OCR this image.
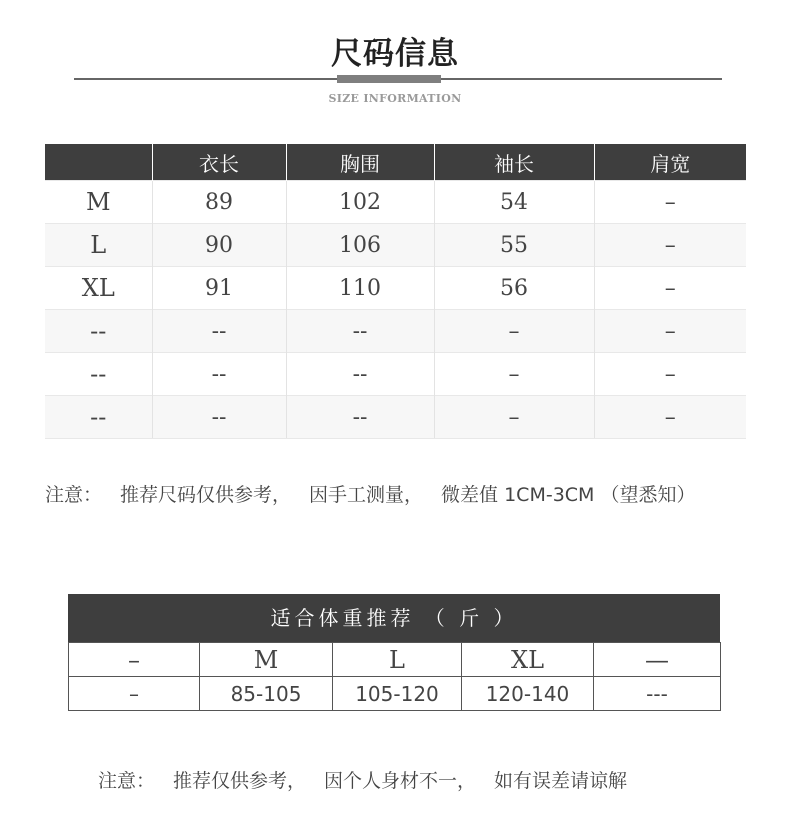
尺码信息
SIZE INFORMATION
	衣长	胸围	袖长	肩宽
M	89	102	54	–
L	90	106	55	–
XL	91	110	56	–
--	--	--	–	–
--	--	--	–	–
--	--	--	–	–
注意： 推荐尺码仅供参考， 因手工测量， 微差值 1CM-3CM （望悉知）
适合体重推荐 （ 斤 ）
–	M	L	XL	—
–	85-105	105-120	120-140	---
注意： 推荐仅供参考， 因个人身材不一， 如有误差请谅解
